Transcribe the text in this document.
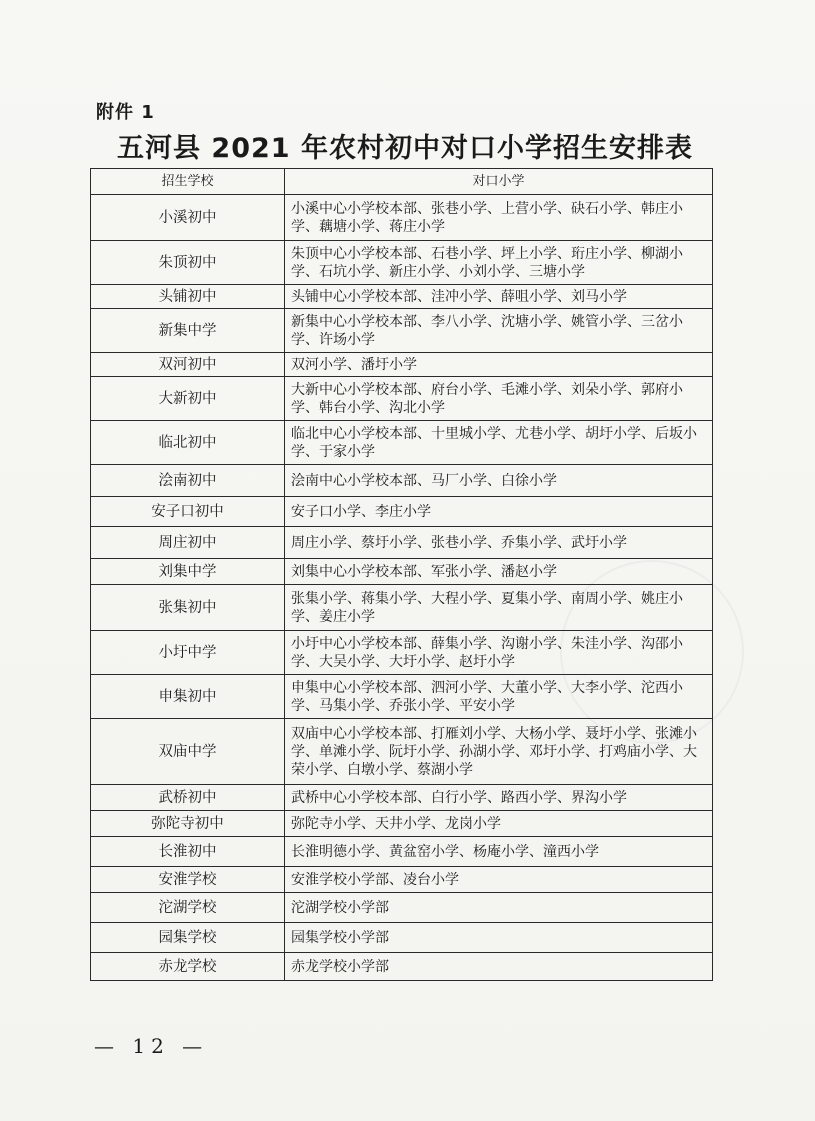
附件 1
五河县 2021 年农村初中对口小学招生安排表
招生学校	对口小学
小溪初中	小溪中心小学校本部、张巷小学、上营小学、砄石小学、韩庄小学、藕塘小学、蒋庄小学
朱顶初中	朱顶中心小学校本部、石巷小学、坪上小学、珩庄小学、柳湖小学、石坑小学、新庄小学、小刘小学、三塘小学
头铺初中	头铺中心小学校本部、洼冲小学、薛咀小学、刘马小学
新集中学	新集中心小学校本部、李八小学、沈塘小学、姚管小学、三岔小学、许场小学
双河初中	双河小学、潘圩小学
大新初中	大新中心小学校本部、府台小学、毛滩小学、刘朵小学、郭府小学、韩台小学、沟北小学
临北初中	临北中心小学校本部、十里城小学、尤巷小学、胡圩小学、后坂小学、于家小学
浍南初中	浍南中心小学校本部、马厂小学、白徐小学
安子口初中	安子口小学、李庄小学
周庄初中	周庄小学、蔡圩小学、张巷小学、乔集小学、武圩小学
刘集中学	刘集中心小学校本部、军张小学、潘赵小学
张集初中	张集小学、蒋集小学、大程小学、夏集小学、南周小学、姚庄小学、姜庄小学
小圩中学	小圩中心小学校本部、薛集小学、沟谢小学、朱洼小学、沟邵小学、大吴小学、大圩小学、赵圩小学
申集初中	申集中心小学校本部、泗河小学、大董小学、大李小学、沱西小学、马集小学、乔张小学、平安小学
双庙中学	双庙中心小学校本部、打雁刘小学、大杨小学、聂圩小学、张滩小学、单滩小学、阮圩小学、孙湖小学、邓圩小学、打鸡庙小学、大荣小学、白墩小学、蔡湖小学
武桥初中	武桥中心小学校本部、白行小学、路西小学、界沟小学
弥陀寺初中	弥陀寺小学、天井小学、龙岗小学
长淮初中	长淮明德小学、黄盆窑小学、杨庵小学、潼西小学
安淮学校	安淮学校小学部、凌台小学
沱湖学校	沱湖学校小学部
园集学校	园集学校小学部
赤龙学校	赤龙学校小学部
— 12 —
